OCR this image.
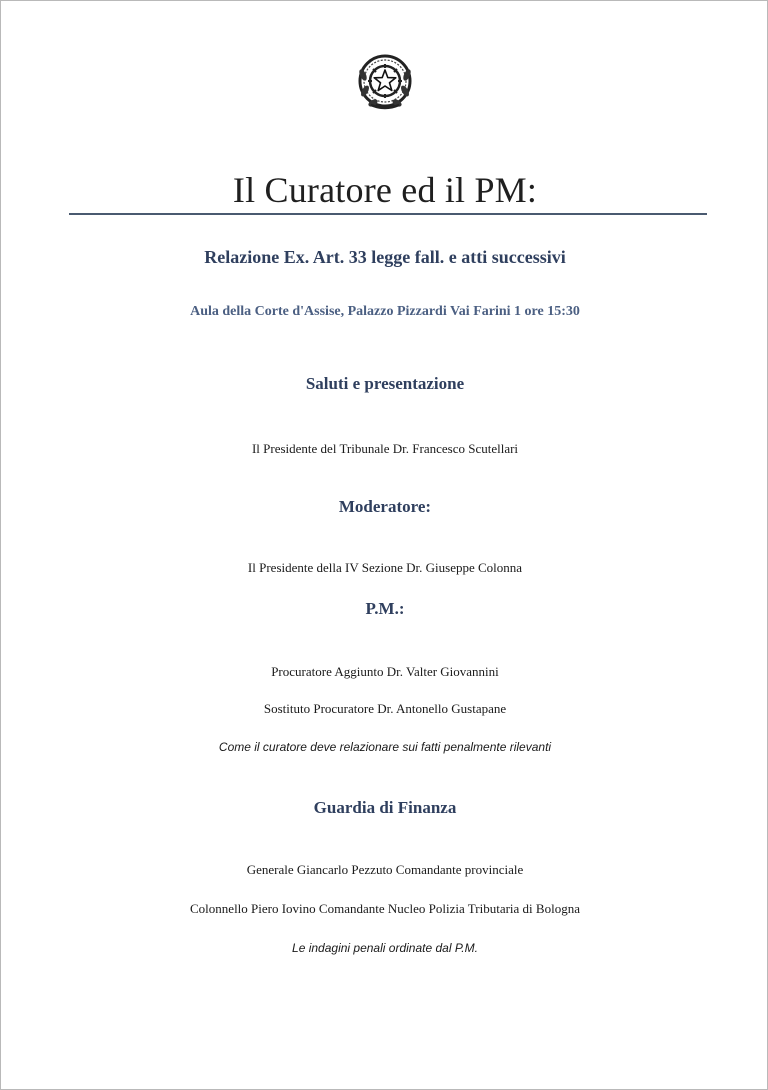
Il Curatore ed il PM:
Relazione Ex. Art. 33 legge fall. e atti successivi
Aula della Corte d'Assise, Palazzo Pizzardi Vai Farini 1 ore 15:30
Saluti e presentazione
Il Presidente del Tribunale Dr. Francesco Scutellari
Moderatore:
Il Presidente della IV Sezione Dr. Giuseppe Colonna
P.M.:
Procuratore Aggiunto Dr. Valter Giovannini
Sostituto Procuratore Dr. Antonello Gustapane
Come il curatore deve relazionare sui fatti penalmente rilevanti
Guardia di Finanza
Generale Giancarlo Pezzuto Comandante provinciale
Colonnello Piero Iovino Comandante Nucleo Polizia Tributaria di Bologna
Le indagini penali ordinate dal P.M.
